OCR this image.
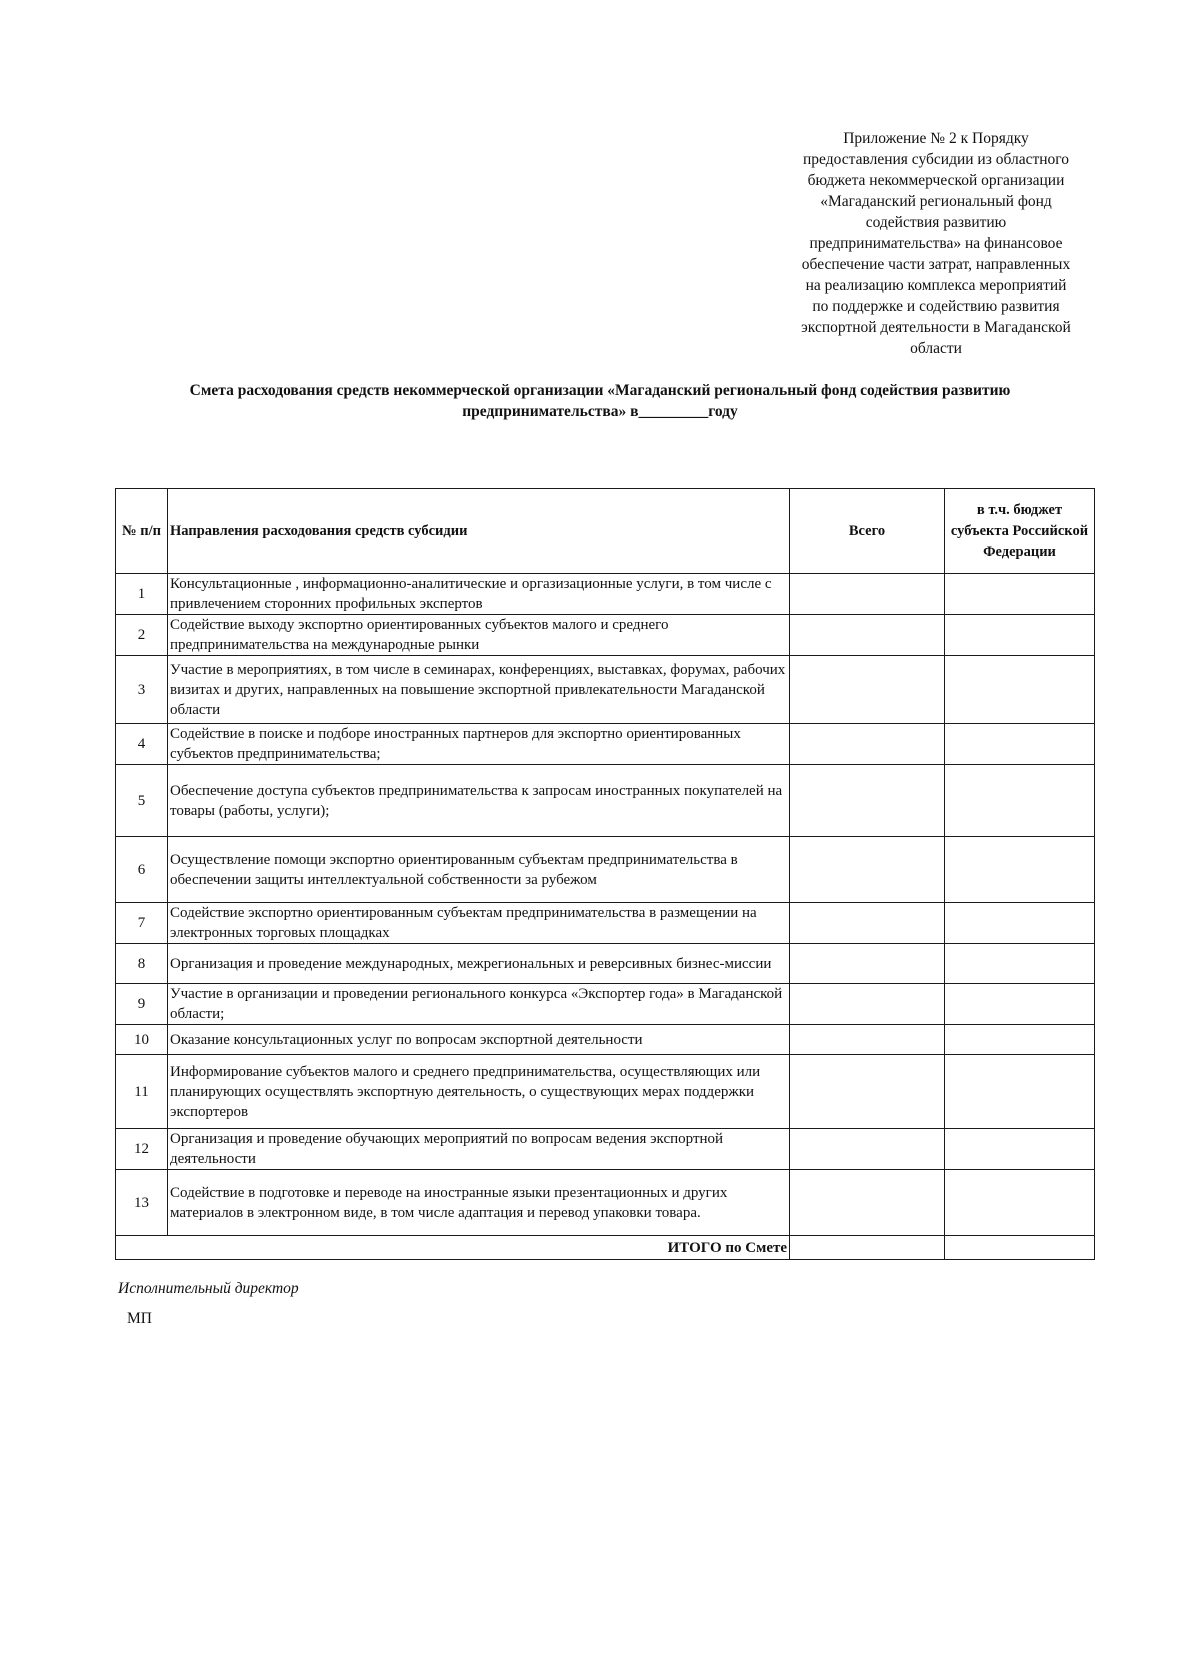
Приложение № 2 к Порядку
предоставления субсидии из областного
бюджета некоммерческой организации
«Магаданский региональный фонд
содействия развитию
предпринимательства» на финансовое
обеспечение части затрат, направленных
на реализацию комплекса мероприятий
по поддержке и содействию развития
экспортной деятельности в Магаданской
области
Смета расходования средств некоммерческой организации «Магаданский региональный фонд содействия развитию
предпринимательства» в_________году
№ п/п	Направления расходования средств субсидии	Всего	в т.ч. бюджет субъекта Российской Федерации
1	Консультационные , информационно-аналитические и оргазизационные услуги, в том числе с привлечением сторонних профильных экспертов		
2	Содействие выходу экспортно ориентированных субъектов малого и среднего предпринимательства на международные рынки		
3	Участие в мероприятиях, в том числе в семинарах, конференциях, выставках, форумах, рабочих визитах и других, направленных на повышение экспортной привлекательности Магаданской области		
4	Содействие в поиске и подборе иностранных партнеров для экспортно ориентированных субъектов предпринимательства;		
5	Обеспечение доступа субъектов предпринимательства к запросам иностранных покупателей на товары (работы, услуги);		
6	Осуществление помощи экспортно ориентированным субъектам предпринимательства в обеспечении защиты интеллектуальной собственности за рубежом		
7	Содействие экспортно ориентированным субъектам предпринимательства в размещении на электронных торговых площадках		
8	Организация и проведение международных, межрегиональных и реверсивных бизнес-миссии		
9	Участие в организации и проведении регионального конкурса «Экспортер года» в Магаданской области;		
10	Оказание консультационных услуг по вопросам экспортной деятельности		
11	Информирование субъектов малого и среднего предпринимательства, осуществляющих или планирующих осуществлять экспортную деятельность, о существующих мерах поддержки экспортеров		
12	Организация и проведение обучающих мероприятий по вопросам ведения экспортной деятельности		
13	Содействие в подготовке и переводе на иностранные языки презентационных и других материалов в электронном виде, в том числе адаптация и перевод упаковки товара.		
ИТОГО по Смете			
Исполнительный директор
МП
